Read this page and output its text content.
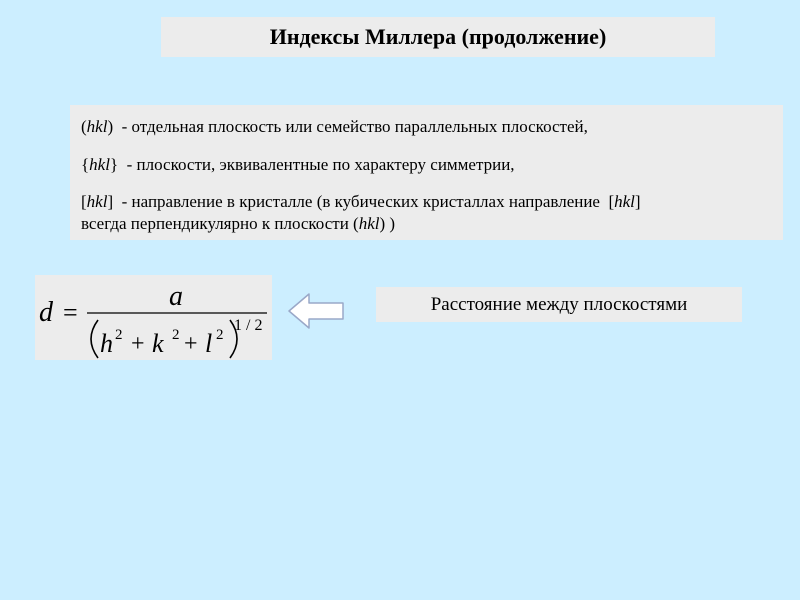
Индексы Миллера (продолжение)
(hkl)  - отдельная плоскость или семейство параллельных плоскостей,
{hkl}  - плоскости, эквивалентные по характеру симметрии,
[hkl]  - направление в кристалле (в кубических кристаллах направление  [hkl]
всегда перпендикулярно к плоскости (hkl) )
d =
a
h 2 + k 2 + l 2
1 / 2
Расстояние между плоскостями
